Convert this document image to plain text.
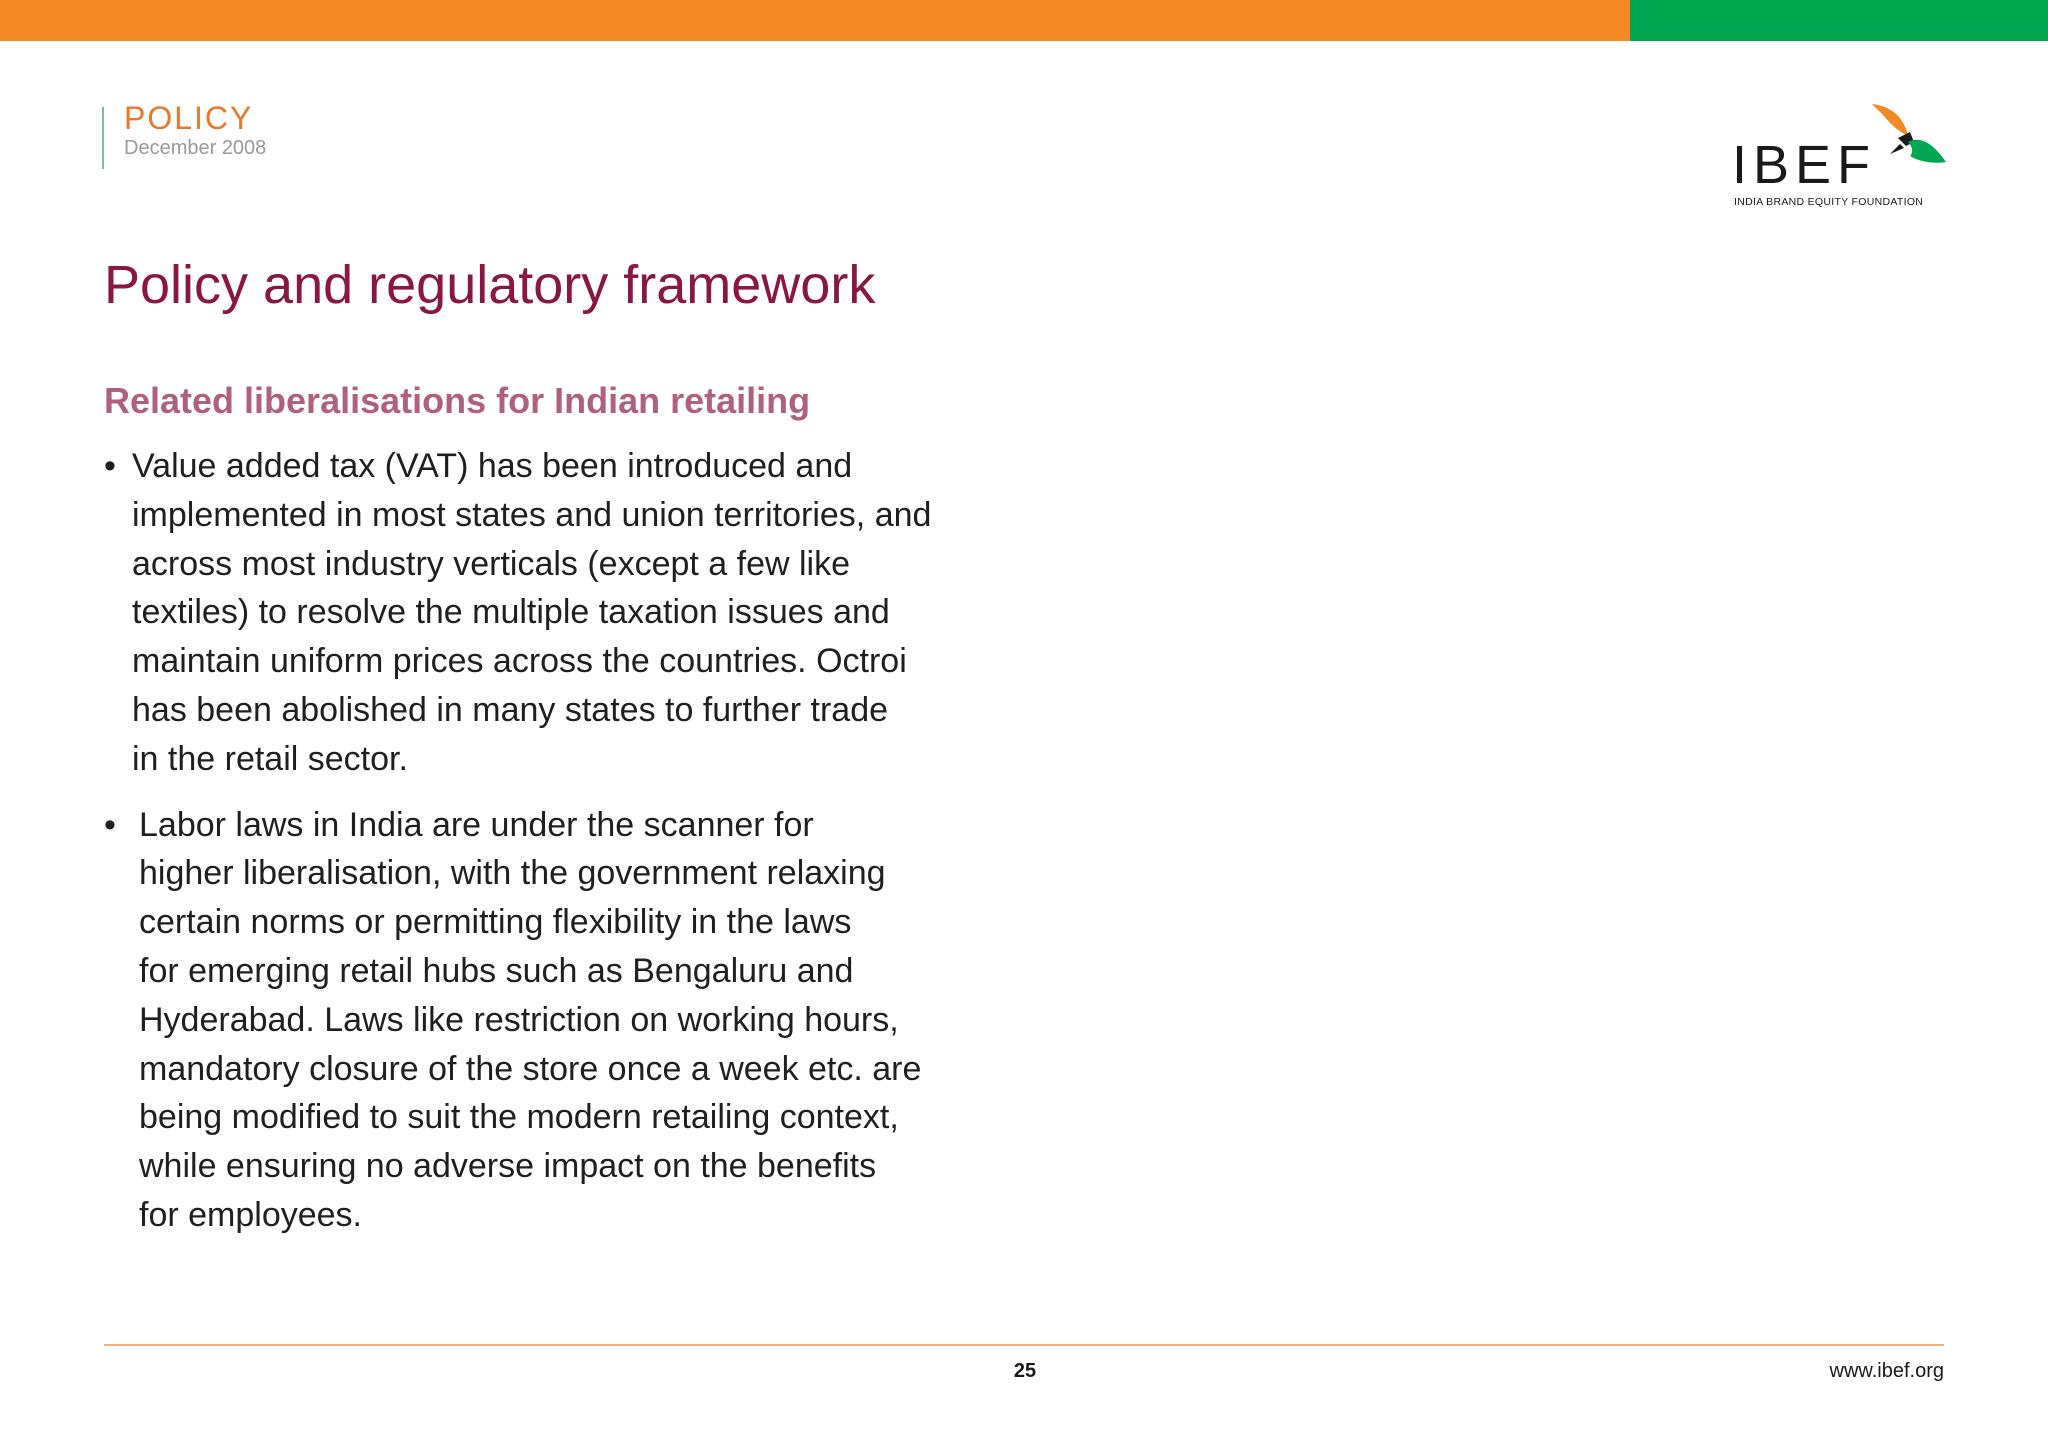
POLICY
December 2008	IBEF
INDIA BRAND EQUITY FOUNDATION
Policy and regulatory framework
Related liberalisations for Indian retailing
• Value added tax (VAT) has been introduced and
implemented in most states and union territories, and
across most industry verticals (except a few like
textiles) to resolve the multiple taxation issues and
maintain uniform prices across the countries. Octroi
has been abolished in many states to further trade
in the retail sector.
• Labor laws in India are under the scanner for
higher liberalisation, with the government relaxing
certain norms or permitting flexibility in the laws
for emerging retail hubs such as Bengaluru and
Hyderabad. Laws like restriction on working hours,
mandatory closure of the store once a week etc. are
being modified to suit the modern retailing context,
while ensuring no adverse impact on the benefits
for employees.
25	www.ibef.org
